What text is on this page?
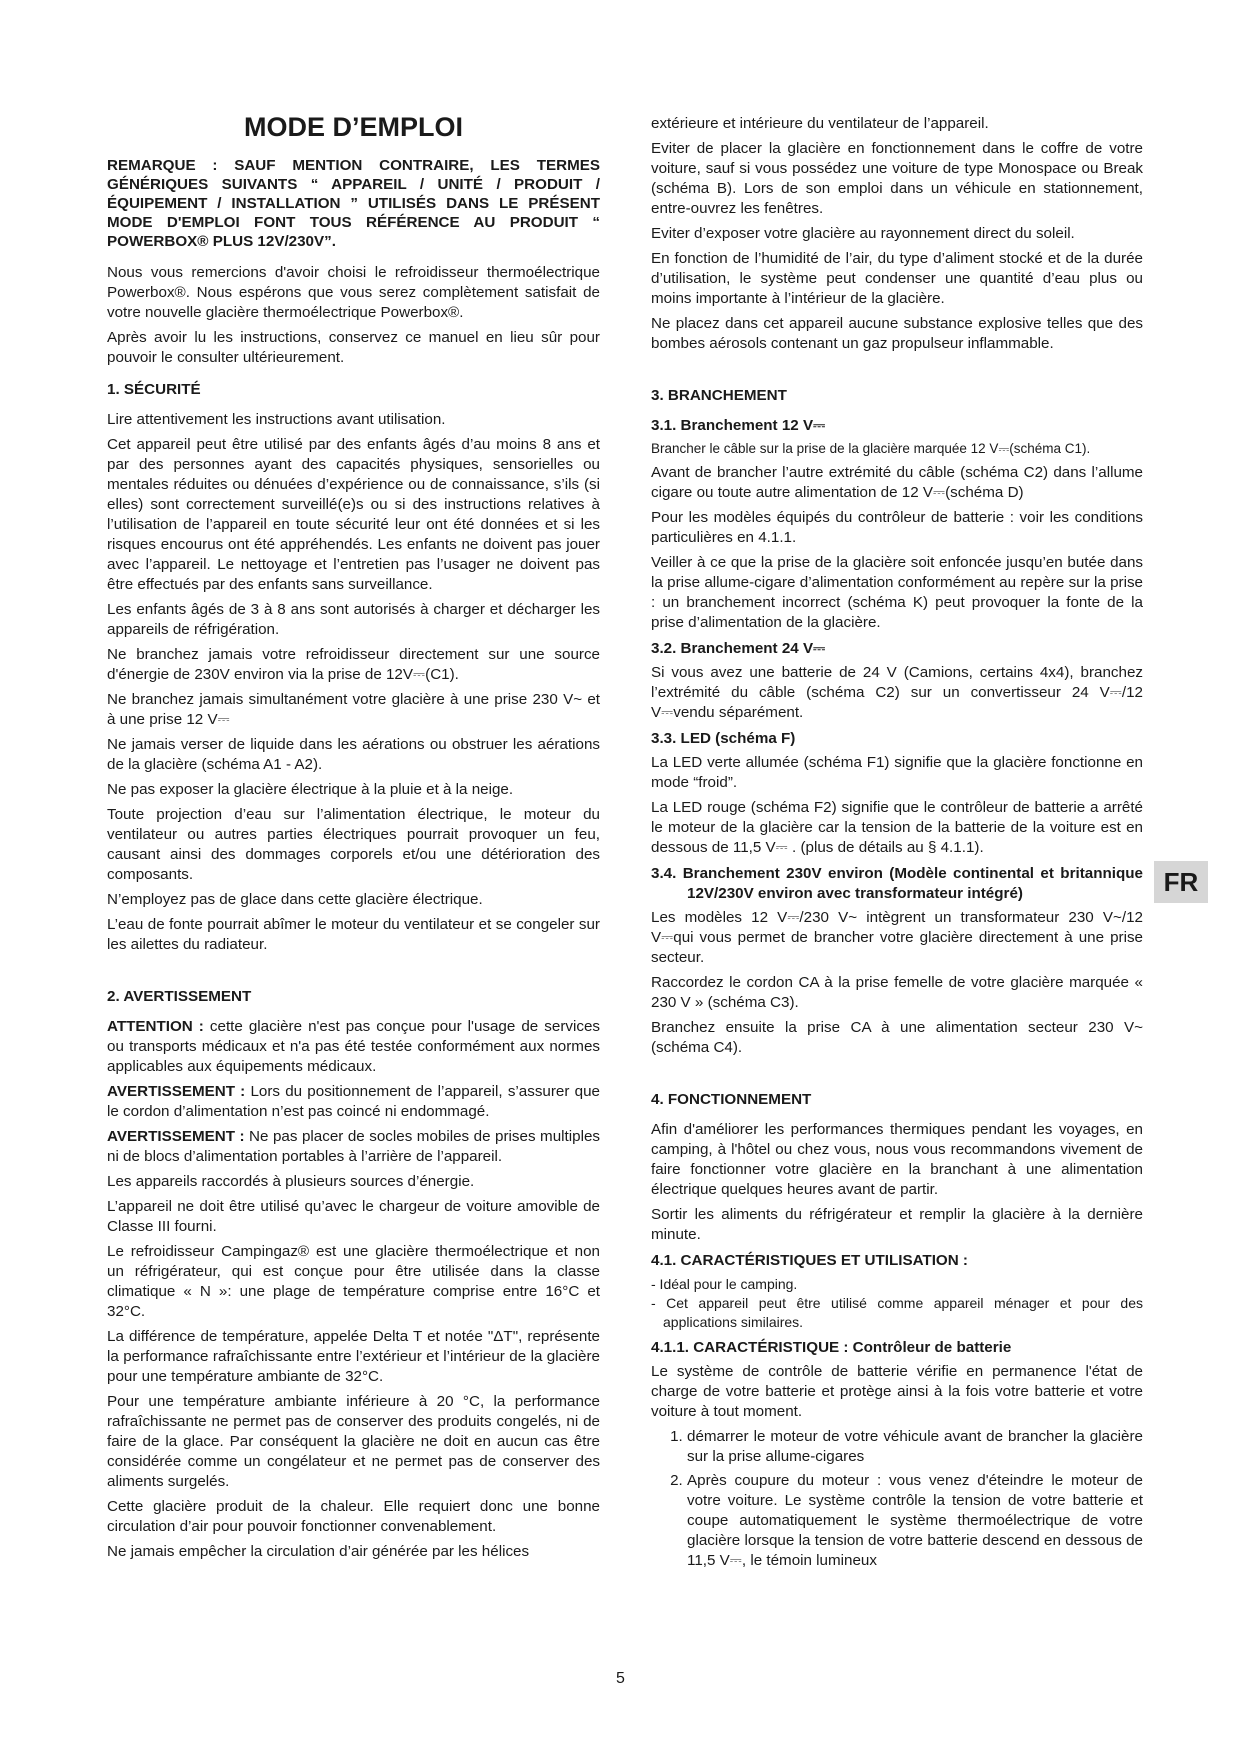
MODE D’EMPLOI

REMARQUE : SAUF MENTION CONTRAIRE, LES TERMES GÉNÉRIQUES SUIVANTS “ APPAREIL / UNITÉ / PRODUIT / ÉQUIPEMENT / INSTALLATION ” UTILISÉS DANS LE PRÉSENT MODE D'EMPLOI FONT TOUS RÉFÉRENCE AU PRODUIT “ POWERBOX® PLUS 12V/230V”.

Nous vous remercions d'avoir choisi le refroidisseur thermoélectrique Powerbox®. Nous espérons que vous serez complètement satisfait de votre nouvelle glacière thermoélectrique Powerbox®.

Après avoir lu les instructions, conservez ce manuel en lieu sûr pour pouvoir le consulter ultérieurement.

1. SÉCURITÉ

Lire attentivement les instructions avant utilisation.

Cet appareil peut être utilisé par des enfants âgés d’au moins 8 ans et par des personnes ayant des capacités physiques, sensorielles ou mentales réduites ou dénuées d’expérience ou de connaissance, s’ils (si elles) sont correctement surveillé(e)s ou si des instructions relatives à l’utilisation de l’appareil en toute sécurité leur ont été données et si les risques encourus ont été appréhendés. Les enfants ne doivent pas jouer avec l’appareil. Le nettoyage et l’entretien pas l’usager ne doivent pas être effectués par des enfants sans surveillance.

Les enfants âgés de 3 à 8 ans sont autorisés à charger et décharger les appareils de réfrigération.

Ne branchez jamais votre refroidisseur directement sur une source d'énergie de 230V environ via la prise de 12V⎓(C1).

Ne branchez jamais simultanément votre glacière à une prise 230 V~ et à une prise 12 V⎓

Ne jamais verser de liquide dans les aérations ou obstruer les aérations de la glacière (schéma A1 - A2).

Ne pas exposer la glacière électrique à la pluie et à la neige.

Toute projection d’eau sur l’alimentation électrique, le moteur du ventilateur ou autres parties électriques pourrait provoquer un feu, causant ainsi des dommages corporels et/ou une détérioration des composants.

N’employez pas de glace dans cette glacière électrique.

L’eau de fonte pourrait abîmer le moteur du ventilateur et se congeler sur les ailettes du radiateur.

2. AVERTISSEMENT

ATTENTION : cette glacière n'est pas conçue pour l'usage de services ou transports médicaux et n'a pas été testée conformément aux normes applicables aux équipements médicaux.

AVERTISSEMENT : Lors du positionnement de l’appareil, s’assurer que le cordon d’alimentation n’est pas coincé ni endommagé.

AVERTISSEMENT : Ne pas placer de socles mobiles de prises multiples ni de blocs d’alimentation portables à l’arrière de l’appareil.

Les appareils raccordés à plusieurs sources d’énergie.

L’appareil ne doit être utilisé qu’avec le chargeur de voiture amovible de Classe III fourni.

Le refroidisseur Campingaz® est une glacière thermoélectrique et non un réfrigérateur, qui est conçue pour être utilisée dans la classe climatique « N »: une plage de température comprise entre 16°C et 32°C.

La différence de température, appelée Delta T et notée "ΔT", représente la performance rafraîchissante entre l’extérieur et l’intérieur de la glacière pour une température ambiante de 32°C.

Pour une température ambiante inférieure à 20 °C, la performance rafraîchissante ne permet pas de conserver des produits congelés, ni de faire de la glace. Par conséquent la glacière ne doit en aucun cas être considérée comme un congélateur et ne permet pas de conserver des aliments surgelés.

Cette glacière produit de la chaleur. Elle requiert donc une bonne circulation d’air pour pouvoir fonctionner convenablement.

Ne jamais empêcher la circulation d’air générée par les hélices

extérieure et intérieure du ventilateur de l’appareil.

Eviter de placer la glacière en fonctionnement dans le coffre de votre voiture, sauf si vous possédez une voiture de type Monospace ou Break (schéma B). Lors de son emploi dans un véhicule en stationnement, entre-ouvrez les fenêtres.

Eviter d’exposer votre glacière au rayonnement direct du soleil.

En fonction de l’humidité de l’air, du type d’aliment stocké et de la durée d’utilisation, le système peut condenser une quantité d’eau plus ou moins importante à l’intérieur de la glacière.

Ne placez dans cet appareil aucune substance explosive telles que des bombes aérosols contenant un gaz propulseur inflammable.

3. BRANCHEMENT
3.1. Branchement 12 V⎓

Brancher le câble sur la prise de la glacière marquée 12 V⎓(schéma C1).

Avant de brancher l’autre extrémité du câble (schéma C2) dans l’allume cigare ou toute autre alimentation de 12 V⎓(schéma D)

Pour les modèles équipés du contrôleur de batterie : voir les conditions particulières en 4.1.1.

Veiller à ce que la prise de la glacière soit enfoncée jusqu’en butée dans la prise allume-cigare d’alimentation conformément au repère sur la prise : un branchement incorrect (schéma K) peut provoquer la fonte de la prise d’alimentation de la glacière.

3.2. Branchement 24 V⎓

Si vous avez une batterie de 24 V (Camions, certains 4x4), branchez l’extrémité du câble (schéma C2) sur un convertisseur 24 V⎓/12 V⎓vendu séparément.

3.3. LED (schéma F)

La LED verte allumée (schéma F1) signifie que la glacière fonctionne en mode “froid”.

La LED rouge (schéma F2) signifie que le contrôleur de batterie a arrêté le moteur de la glacière car la tension de la batterie de la voiture est en dessous de 11,5 V⎓ . (plus de détails au § 4.1.1).

3.4. Branchement 230V environ (Modèle continental et britannique 12V/230V environ avec transformateur intégré)

Les modèles 12 V⎓/230 V~ intègrent un transformateur 230 V~/12 V⎓qui vous permet de brancher votre glacière directement à une prise secteur.

Raccordez le cordon CA à la prise femelle de votre glacière marquée « 230 V » (schéma C3).

Branchez ensuite la prise CA à une alimentation secteur 230 V~ (schéma C4).

4. FONCTIONNEMENT

Afin d'améliorer les performances thermiques pendant les voyages, en camping, à l'hôtel ou chez vous, nous vous recommandons vivement de faire fonctionner votre glacière en la branchant à une alimentation électrique quelques heures avant de partir.

Sortir les aliments du réfrigérateur et remplir la glacière à la dernière minute.

4.1. CARACTÉRISTIQUES ET UTILISATION :
- Idéal pour le camping.
- Cet appareil peut être utilisé comme appareil ménager et pour des applications similaires.
4.1.1. CARACTÉRISTIQUE : Contrôleur de batterie

Le système de contrôle de batterie vérifie en permanence l'état de charge de votre batterie et protège ainsi à la fois votre batterie et votre voiture à tout moment.

1. démarrer le moteur de votre véhicule avant de brancher la glacière sur la prise allume-cigares
2. Après coupure du moteur : vous venez d'éteindre le moteur de votre voiture. Le système contrôle la tension de votre batterie et coupe automatiquement le système thermoélectrique de votre glacière lorsque la tension de votre batterie descend en dessous de 11,5 V⎓, le témoin lumineux
FR
5
